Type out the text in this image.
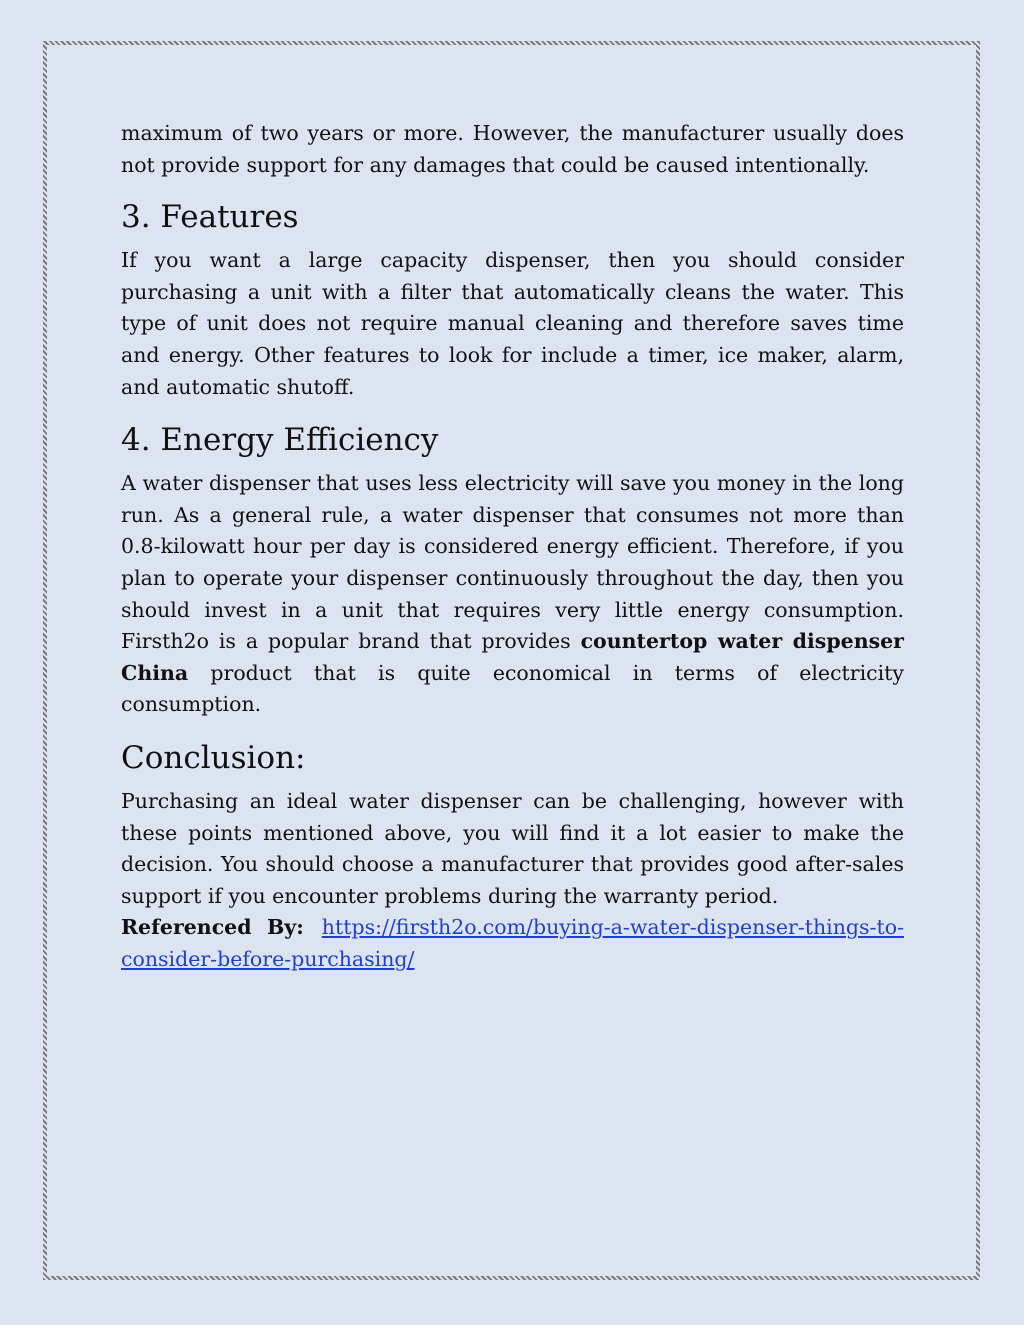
maximum of two years or more. However, the manufacturer usually does not provide support for any damages that could be caused intentionally.

3. Features

If you want a large capacity dispenser, then you should consider purchasing a unit with a filter that automatically cleans the water. This type of unit does not require manual cleaning and therefore saves time and energy. Other features to look for include a timer, ice maker, alarm, and automatic shutoff.

4. Energy Efficiency

A water dispenser that uses less electricity will save you money in the long run. As a general rule, a water dispenser that consumes not more than 0.8-kilowatt hour per day is considered energy efficient. Therefore, if you plan to operate your dispenser continuously throughout the day, then you should invest in a unit that requires very little energy consumption. Firsth2o is a popular brand that provides countertop water dispenser China product that is quite economical in terms of electricity consumption.

Conclusion:

Purchasing an ideal water dispenser can be challenging, however with these points mentioned above, you will find it a lot easier to make the decision. You should choose a manufacturer that provides good after-sales support if you encounter problems during the warranty period.

Referenced By: https://firsth2o.com/buying-a-water-dispenser-things-to-consider-before-purchasing/
